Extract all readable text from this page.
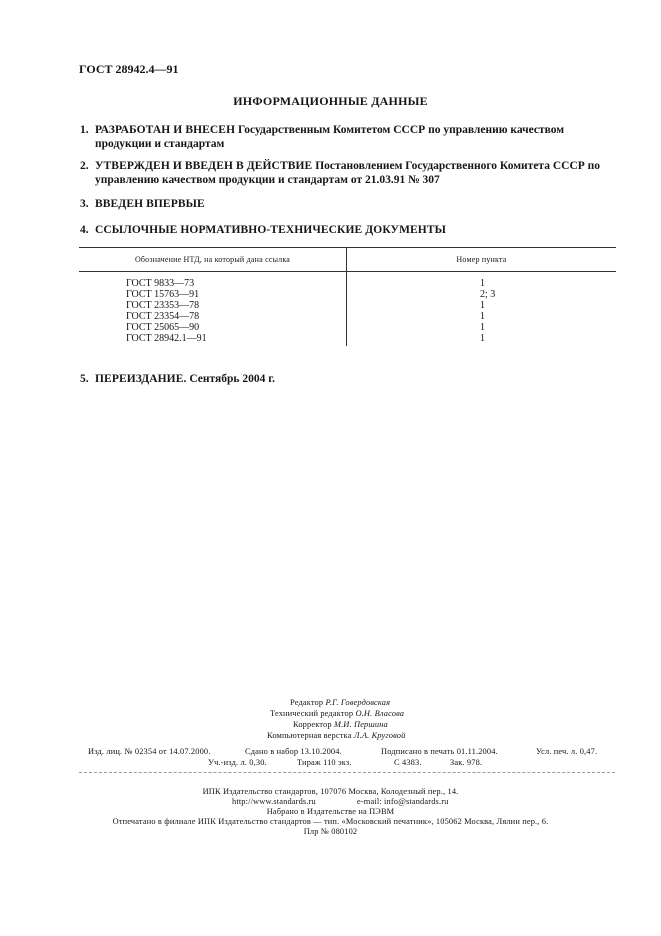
ГОСТ 28942.4—91
ИНФОРМАЦИОННЫЕ ДАННЫЕ
1. РАЗРАБОТАН И ВНЕСЕН Государственным Комитетом СССР по управлению качеством продукции и стандартам
2. УТВЕРЖДЕН И ВВЕДЕН В ДЕЙСТВИЕ Постановлением Государственного Комитета СССР по управлению качеством продукции и стандартам от 21.03.91 № 307
3. ВВЕДЕН ВПЕРВЫЕ
4. ССЫЛОЧНЫЕ НОРМАТИВНО-ТЕХНИЧЕСКИЕ ДОКУМЕНТЫ
Обозначение НТД, на который дана ссылка	Номер пункта
ГОСТ 9833—73	1
ГОСТ 15763—91	2; 3
ГОСТ 23353—78	1
ГОСТ 23354—78	1
ГОСТ 25065—90	1
ГОСТ 28942.1—91	1
5. ПЕРЕИЗДАНИЕ. Сентябрь 2004 г.
Редактор Р.Г. Говердовская
Технический редактор О.Н. Власова
Корректор М.И. Першина
Компьютерная верстка Л.А. Круговой
Изд. лиц. № 02354 от 14.07.2000.	Сдано в набор 13.10.2004.	Подписано в печать 01.11.2004.	Усл. печ. л. 0,47.
Уч.-изд. л. 0,30.	Тираж 110 экз.	С 4383.	Зак. 978.
ИПК Издательство стандартов, 107076 Москва, Колодезный пер., 14.
http://www.standards.ru	e-mail: info@standards.ru
Набрано в Издательстве на ПЭВМ
Отпечатано в филиале ИПК Издательство стандартов — тип. «Московский печатник», 105062 Москва, Лялин пер., 6.
Плр № 080102
